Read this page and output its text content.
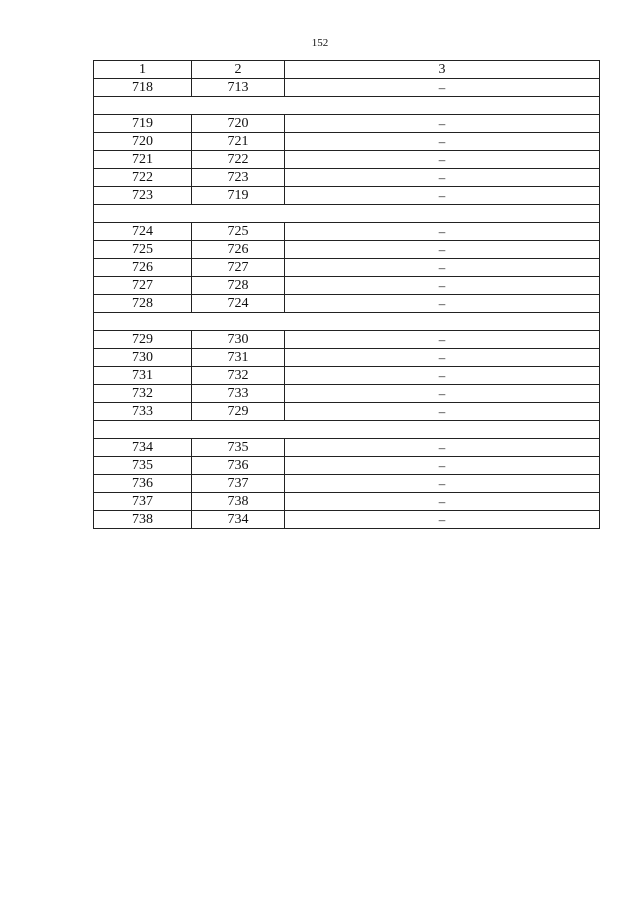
152
1	2	3
718	713	–

719	720	–
720	721	–
721	722	–
722	723	–
723	719	–

724	725	–
725	726	–
726	727	–
727	728	–
728	724	–

729	730	–
730	731	–
731	732	–
732	733	–
733	729	–

734	735	–
735	736	–
736	737	–
737	738	–
738	734	–
